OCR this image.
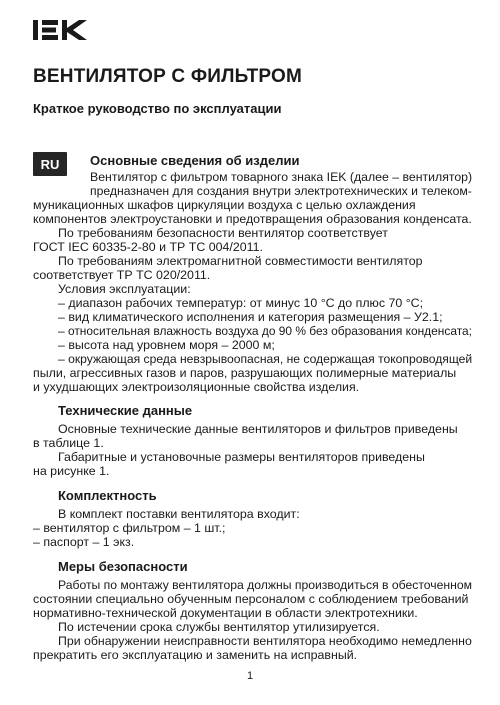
ВЕНТИЛЯТОР С ФИЛЬТРОМ
Краткое руководство по эксплуатации
RU	Основные сведения об изделии
Вентилятор с фильтром товарного знака IEK (далее – вентилятор)
предназначен для создания внутри электротехнических и телеком-
муникационных шкафов циркуляции воздуха с целью охлаждения
компонентов электроустановки и предотвращения образования конденсата.
По требованиям безопасности вентилятор соответствует
ГОСТ IEC 60335-2-80 и ТР ТС 004/2011.
По требованиям электромагнитной совместимости вентилятор
соответствует ТР ТС 020/2011.
Условия эксплуатации:
– диапазон рабочих температур: от минус 10 °С до плюс 70 °С;
– вид климатического исполнения и категория размещения – У2.1;
– относительная влажность воздуха до 90 % без образования конденсата;
– высота над уровнем моря – 2000 м;
– окружающая среда невзрывоопасная, не содержащая токопроводящей
пыли, агрессивных газов и паров, разрушающих полимерные материалы
и ухудшающих электроизоляционные свойства изделия.
Технические данные
Основные технические данные вентиляторов и фильтров приведены
в таблице 1.
Габаритные и установочные размеры вентиляторов приведены
на рисунке 1.
Комплектность
В комплект поставки вентилятора входит:
– вентилятор с фильтром – 1 шт.;
– паспорт – 1 экз.
Меры безопасности
Работы по монтажу вентилятора должны производиться в обесточенном
состоянии специально обученным персоналом с соблюдением требований
нормативно-технической документации в области электротехники.
По истечении срока службы вентилятор утилизируется.
При обнаружении неисправности вентилятора необходимо немедленно
прекратить его эксплуатацию и заменить на исправный.
1
